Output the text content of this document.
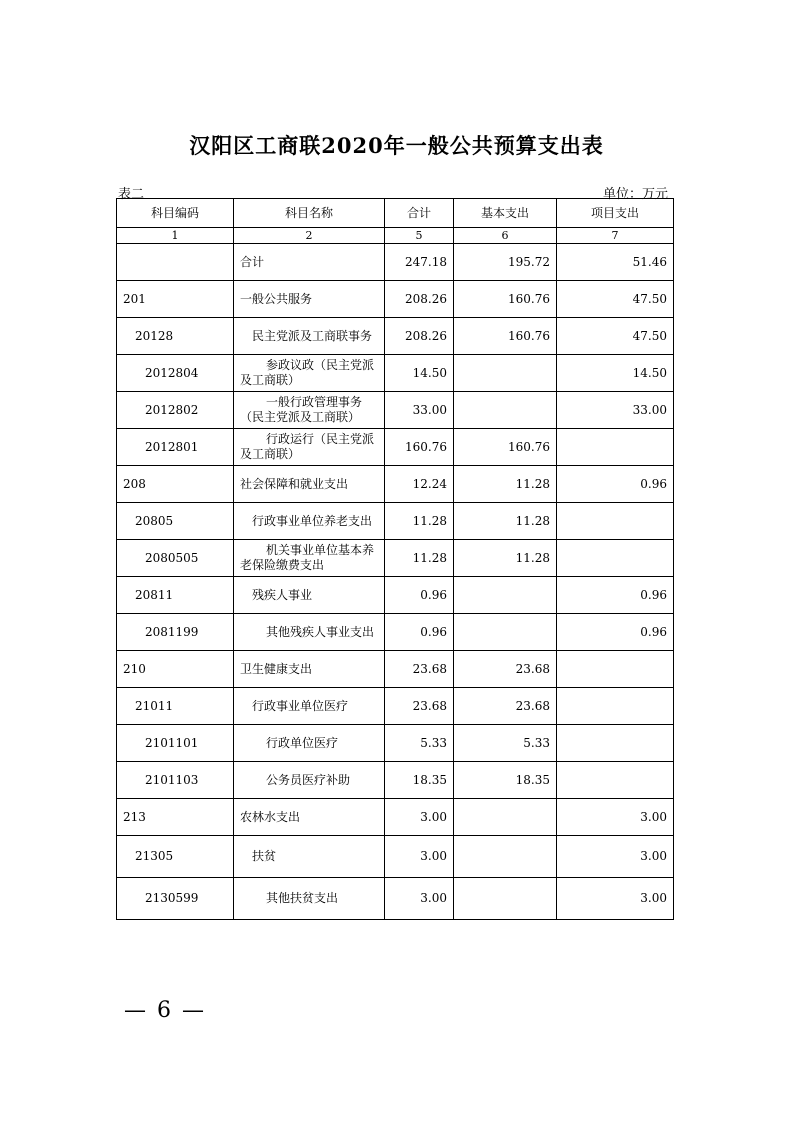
汉阳区工商联2020年一般公共预算支出表
表二	单位：万元
科目编码	科目名称	合计	基本支出	项目支出
1	2	5	6	7
	合计	247.18	195.72	51.46
201	一般公共服务	208.26	160.76	47.50
20128	民主党派及工商联事务	208.26	160.76	47.50
2012804	参政议政（民主党派及工商联）	14.50		14.50
2012802	一般行政管理事务（民主党派及工商联）	33.00		33.00
2012801	行政运行（民主党派及工商联）	160.76	160.76	
208	社会保障和就业支出	12.24	11.28	0.96
20805	行政事业单位养老支出	11.28	11.28	
2080505	机关事业单位基本养老保险缴费支出	11.28	11.28	
20811	残疾人事业	0.96		0.96
2081199	其他残疾人事业支出	0.96		0.96
210	卫生健康支出	23.68	23.68	
21011	行政事业单位医疗	23.68	23.68	
2101101	行政单位医疗	5.33	5.33	
2101103	公务员医疗补助	18.35	18.35	
213	农林水支出	3.00		3.00
21305	扶贫	3.00		3.00
2130599	其他扶贫支出	3.00		3.00
— 6 —
